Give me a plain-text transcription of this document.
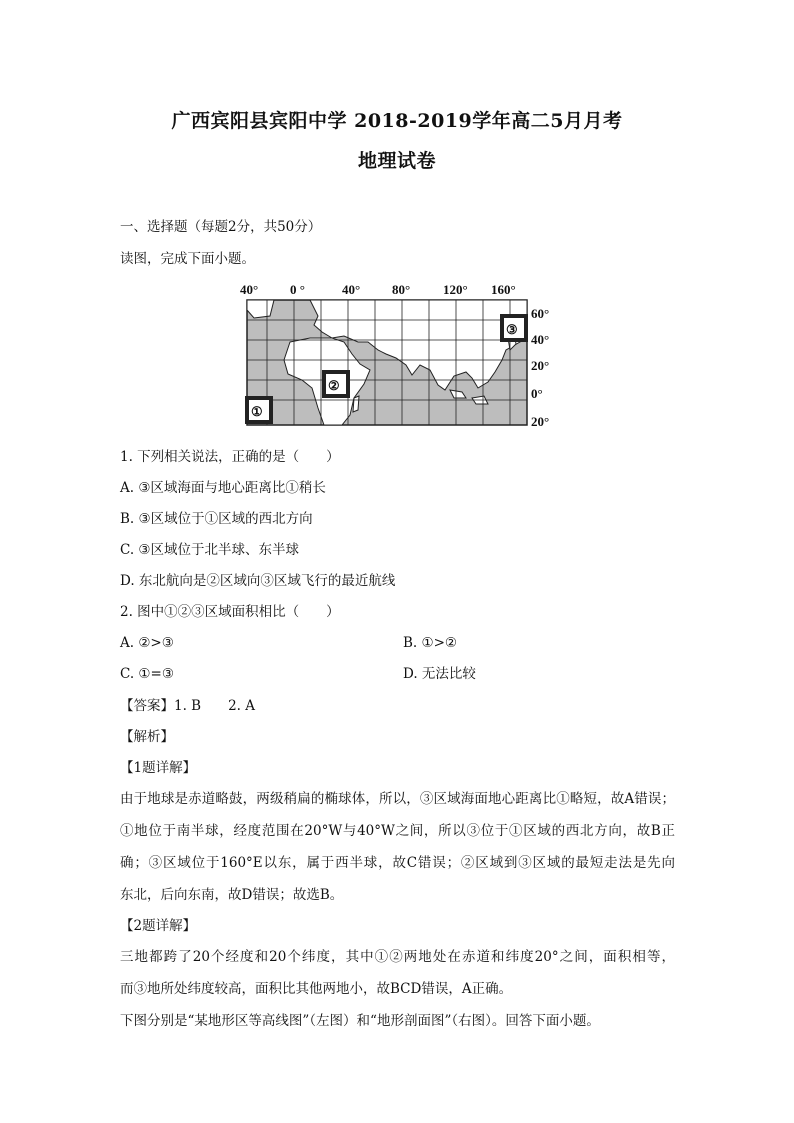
广西宾阳县宾阳中学 2018-2019学年高二5月月考
地理试卷
一、选择题（每题2分，共50分）
读图，完成下面小题。
40° 0 °	40° 80°	120° 160°
①
②
③
60°
40°
20°
0°
20°
1. 下列相关说法，正确的是（　　）
A. ③区域海面与地心距离比①稍长
B. ③区域位于①区域的西北方向
C. ③区域位于北半球、东半球
D. 东北航向是②区域向③区域飞行的最近航线
2. 图中①②③区域面积相比（　　）
A. ②>③	B. ①>②
C. ①=③	D. 无法比较
【答案】1. B　　2. A
【解析】
【1题详解】
由于地球是赤道略鼓，两级稍扁的椭球体，所以，③区域海面地心距离比①略短，故A错误；
①地位于南半球，经度范围在20°W与40°W之间，所以③位于①区域的西北方向，故B正
确；③区域位于160°E以东，属于西半球，故C错误；②区域到③区域的最短走法是先向
东北，后向东南，故D错误；故选B。
【2题详解】
三地都跨了20个经度和20个纬度，其中①②两地处在赤道和纬度20°之间，面积相等，
而③地所处纬度较高，面积比其他两地小，故BCD错误，A正确。
下图分别是“某地形区等高线图”（左图）和“地形剖面图”（右图）。回答下面小题。
